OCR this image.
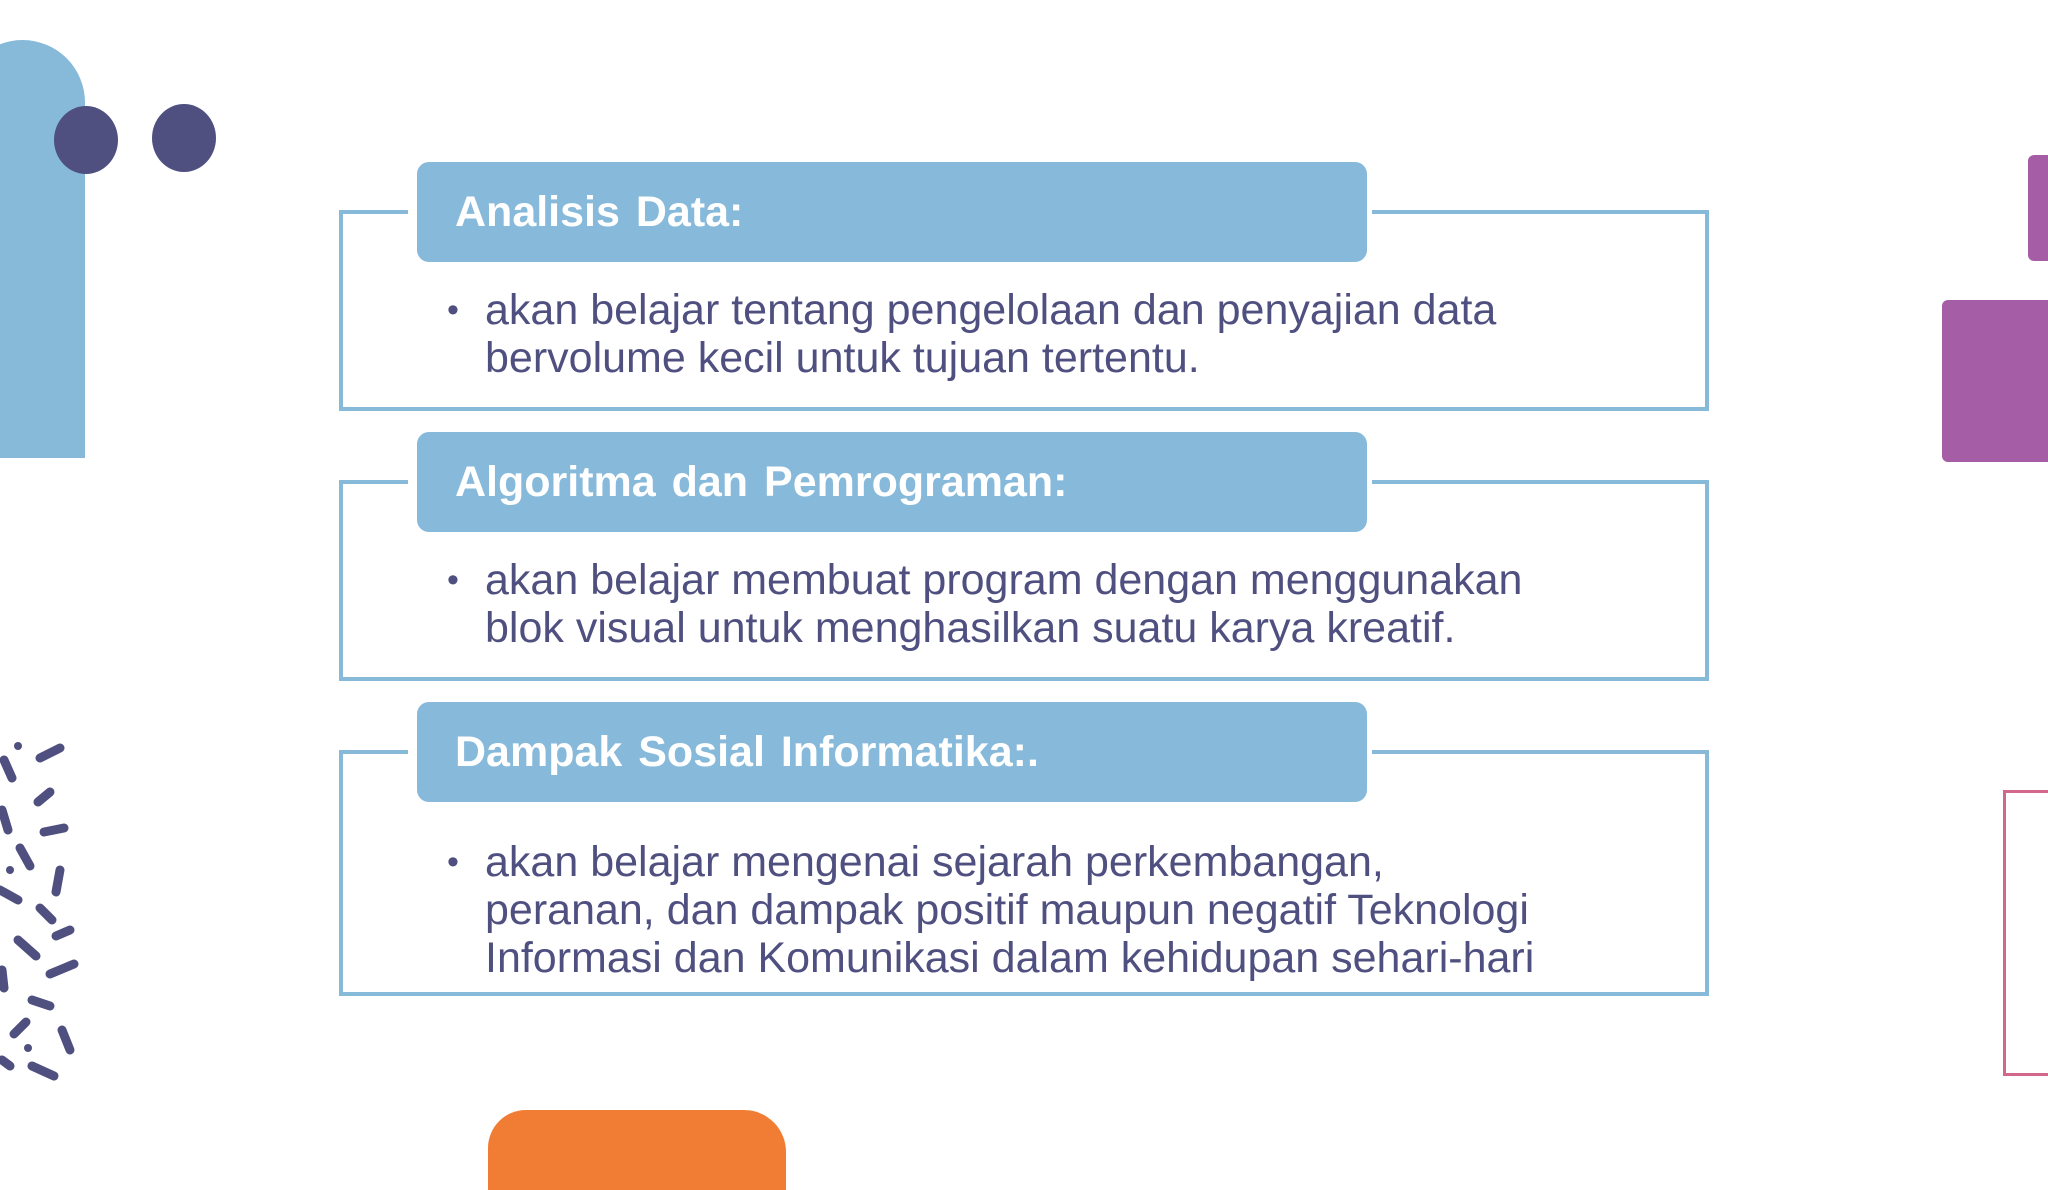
Analisis Data:
• akan belajar tentang pengelolaan dan penyajian data
bervolume kecil untuk tujuan tertentu.
Algoritma dan Pemrograman:
• akan belajar membuat program dengan menggunakan
blok visual untuk menghasilkan suatu karya kreatif.
Dampak Sosial Informatika:.
• akan belajar mengenai sejarah perkembangan,
peranan, dan dampak positif maupun negatif Teknologi
Informasi dan Komunikasi dalam kehidupan sehari-hari
